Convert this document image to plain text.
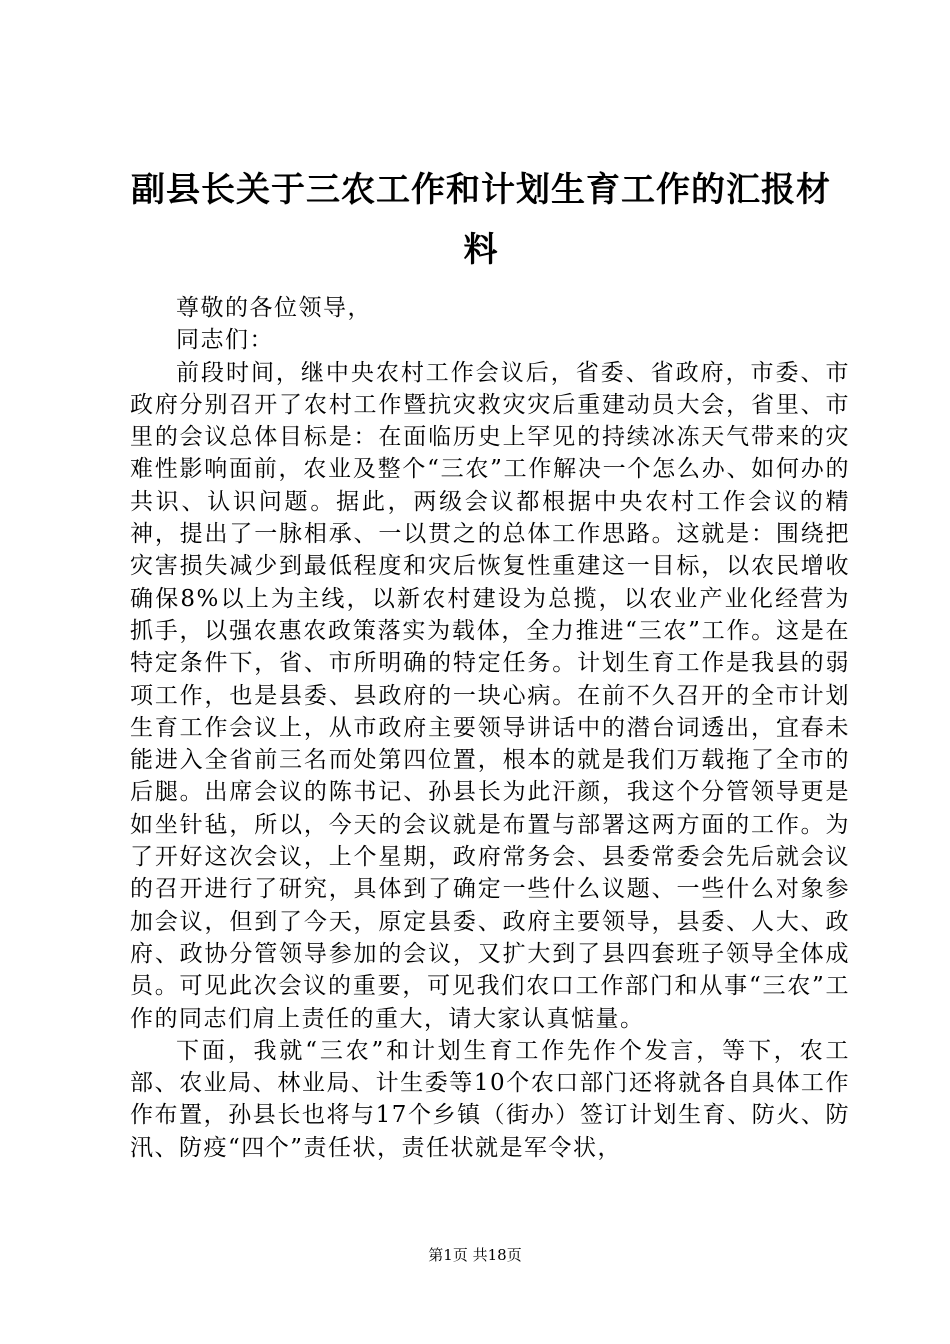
副县长关于三农工作和计划生育工作的汇报材料

尊敬的各位领导，

同志们：

前段时间，继中央农村工作会议后，省委、省政府，市委、市政府分别召开了农村工作暨抗灾救灾灾后重建动员大会，省里、市里的会议总体目标是：在面临历史上罕见的持续冰冻天气带来的灾难性影响面前，农业及整个“三农”工作解决一个怎么办、如何办的共识、认识问题。据此，两级会议都根据中央农村工作会议的精神，提出了一脉相承、一以贯之的总体工作思路。这就是：围绕把灾害损失减少到最低程度和灾后恢复性重建这一目标，以农民增收确保8%以上为主线，以新农村建设为总揽，以农业产业化经营为抓手，以强农惠农政策落实为载体，全力推进“三农”工作。这是在特定条件下，省、市所明确的特定任务。计划生育工作是我县的弱项工作，也是县委、县政府的一块心病。在前不久召开的全市计划生育工作会议上，从市政府主要领导讲话中的潜台词透出，宜春未能进入全省前三名而处第四位置，根本的就是我们万载拖了全市的后腿。出席会议的陈书记、孙县长为此汗颜，我这个分管领导更是如坐针毡，所以，今天的会议就是布置与部署这两方面的工作。为了开好这次会议，上个星期，政府常务会、县委常委会先后就会议的召开进行了研究，具体到了确定一些什么议题、一些什么对象参加会议，但到了今天，原定县委、政府主要领导，县委、人大、政府、政协分管领导参加的会议，又扩大到了县四套班子领导全体成员。可见此次会议的重要，可见我们农口工作部门和从事“三农”工作的同志们肩上责任的重大，请大家认真惦量。

下面，我就“三农”和计划生育工作先作个发言，等下，农工部、农业局、林业局、计生委等10个农口部门还将就各自具体工作作布置，孙县长也将与17个乡镇（街办）签订计划生育、防火、防汛、防疫“四个”责任状，责任状就是军令状，

第1页 共18页
